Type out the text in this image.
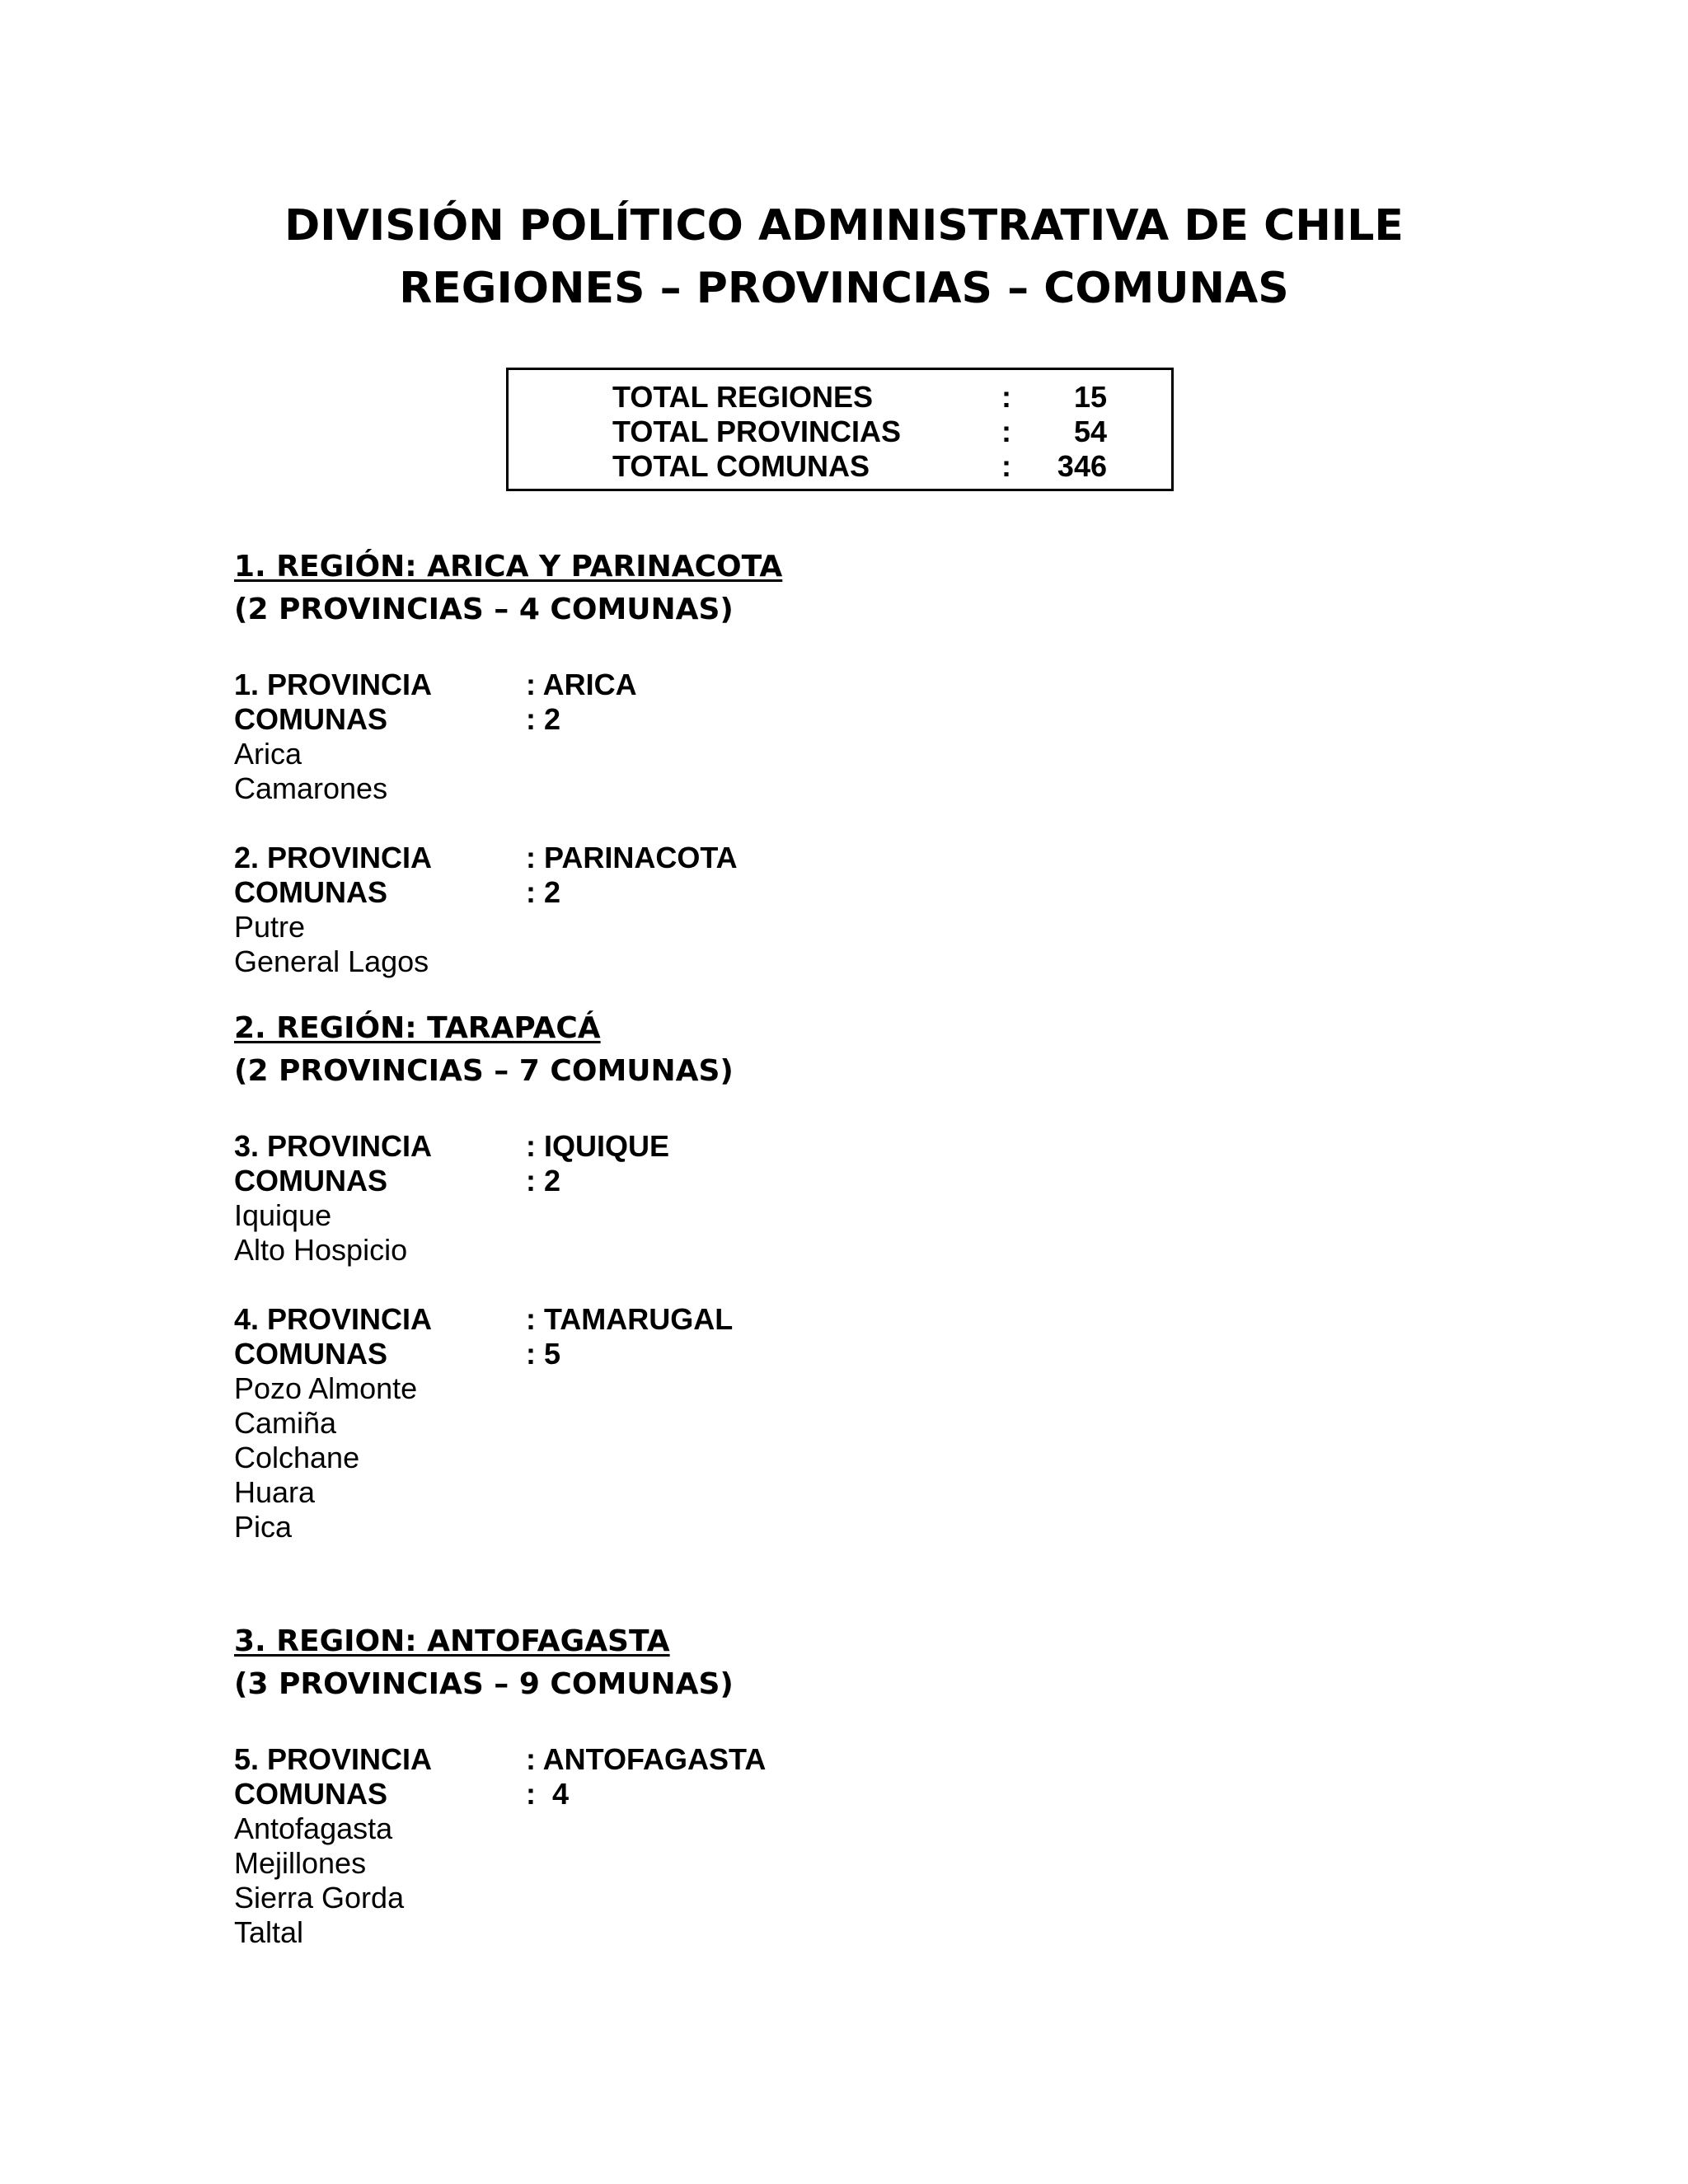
DIVISIÓN POLÍTICO ADMINISTRATIVA DE CHILE
REGIONES – PROVINCIAS – COMUNAS
TOTAL REGIONES	:	15
TOTAL PROVINCIAS	:	54
TOTAL COMUNAS	:	346
1. REGIÓN: ARICA Y PARINACOTA
(2 PROVINCIAS – 4 COMUNAS)
1. PROVINCIA	: ARICA
COMUNAS	: 2
Arica
Camarones
2. PROVINCIA	: PARINACOTA
COMUNAS	: 2
Putre
General Lagos
2. REGIÓN: TARAPACÁ
(2 PROVINCIAS – 7 COMUNAS)
3. PROVINCIA	: IQUIQUE
COMUNAS	: 2
Iquique
Alto Hospicio
4. PROVINCIA	: TAMARUGAL
COMUNAS	: 5
Pozo Almonte
Camiña
Colchane
Huara
Pica
3. REGION: ANTOFAGASTA
(3 PROVINCIAS – 9 COMUNAS)
5. PROVINCIA	: ANTOFAGASTA
COMUNAS	:  4
Antofagasta
Mejillones
Sierra Gorda
Taltal
